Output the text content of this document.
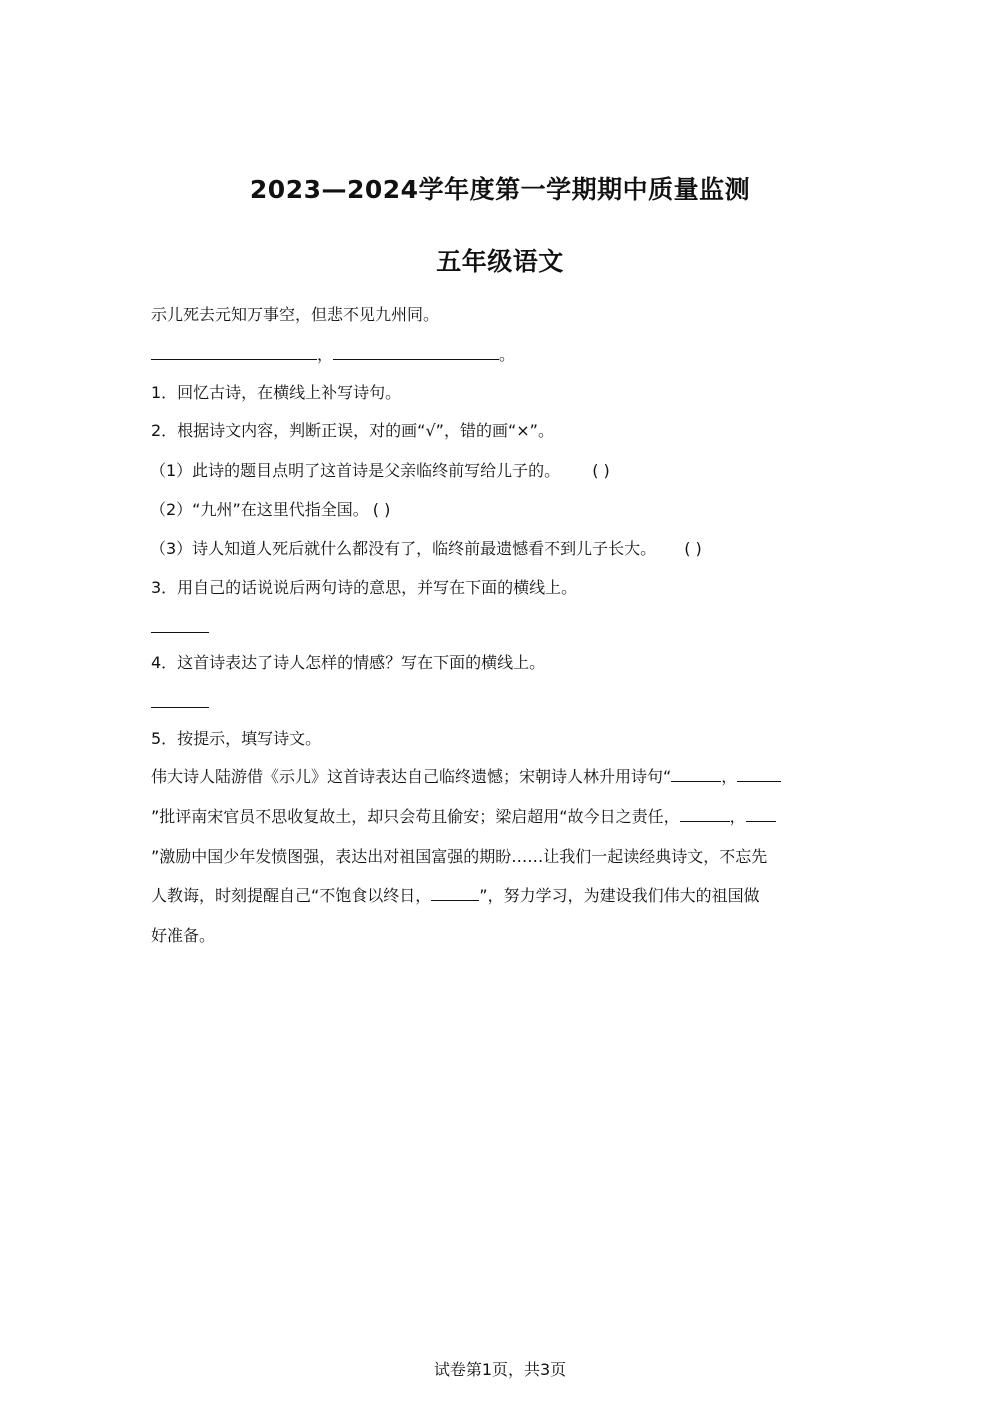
2023—2024学年度第一学期期中质量监测
五年级语文
示儿死去元知万事空，但悲不见九州同。
，	。
1．回忆古诗，在横线上补写诗句。
2．根据诗文内容，判断正误，对的画“√”，错的画“×”。
（1）此诗的题目点明了这首诗是父亲临终前写给儿子的。 ( )
（2）“九州”在这里代指全国。 ( )
（3）诗人知道人死后就什么都没有了，临终前最遗憾看不到儿子长大。 ( )
3．用自己的话说说后两句诗的意思，并写在下面的横线上。
4．这首诗表达了诗人怎样的情感？写在下面的横线上。
5．按提示，填写诗文。
伟大诗人陆游借《示儿》这首诗表达自己临终遗憾；宋朝诗人林升用诗句“	，
”批评南宋官员不思收复故土，却只会苟且偷安；梁启超用“故今日之责任，	，
”激励中国少年发愤图强，表达出对祖国富强的期盼……让我们一起读经典诗文，不忘先
人教诲，时刻提醒自己“不饱食以终日，	”，努力学习，为建设我们伟大的祖国做
好准备。
试卷第1页，共3页
